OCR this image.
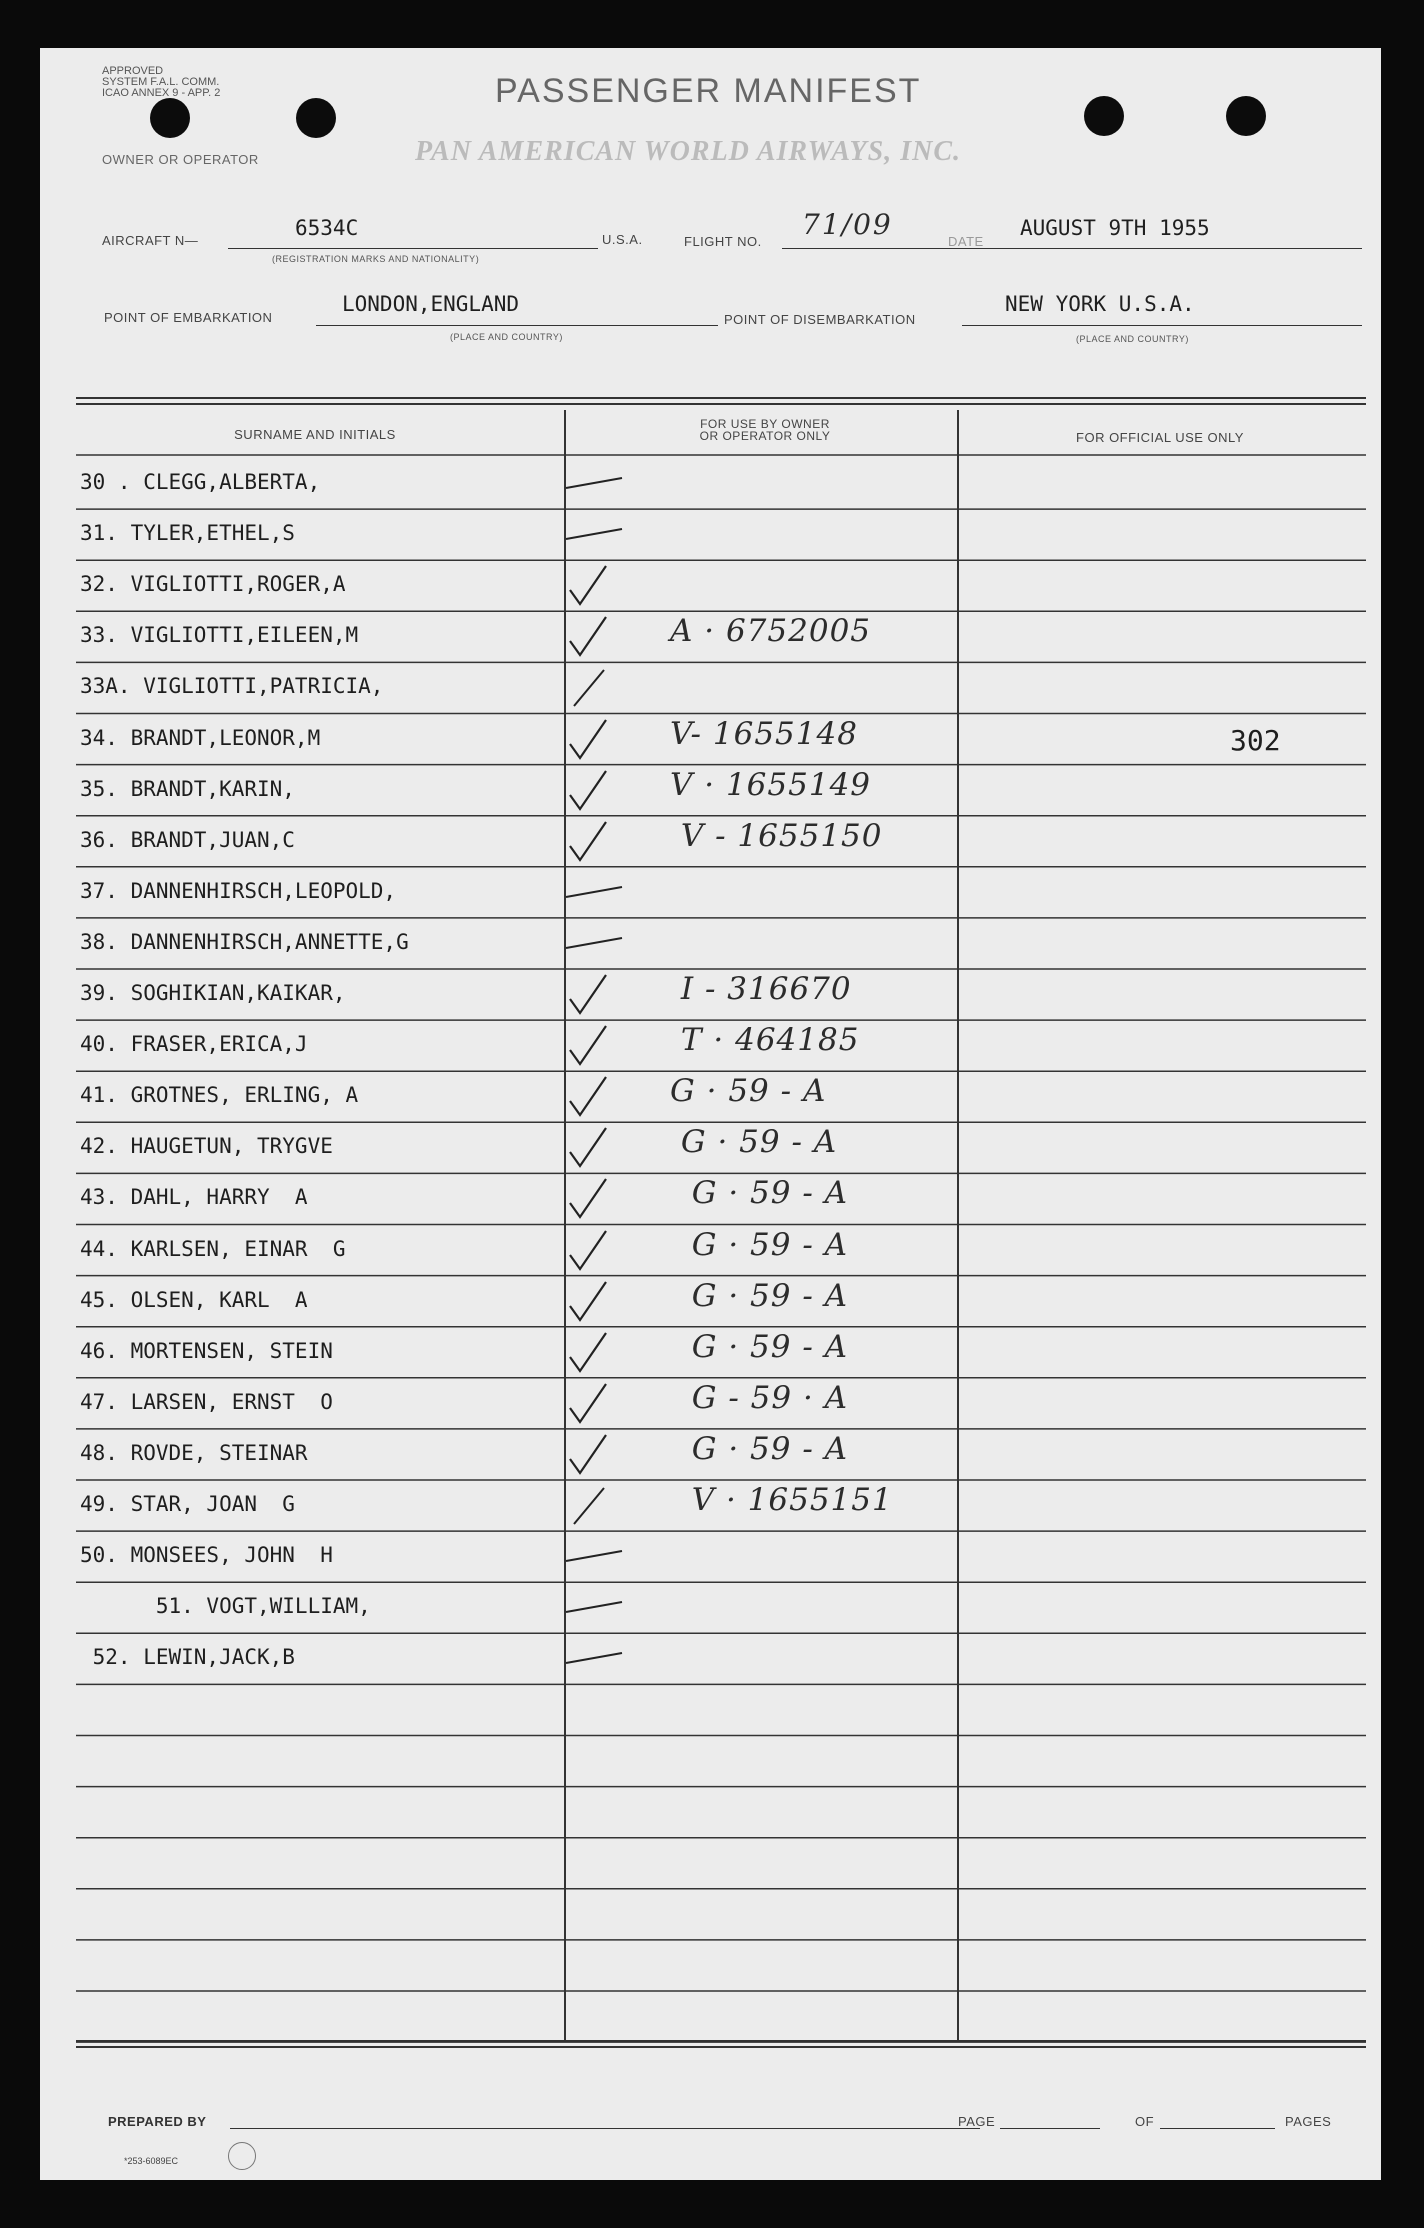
APPROVED
SYSTEM F.A.L. COMM.
ICAO ANNEX 9 - APP. 2	PASSENGER MANIFEST
OWNER OR OPERATOR	PAN AMERICAN WORLD AIRWAYS, INC.
AIRCRAFT N—
6534C
(REGISTRATION MARKS AND NATIONALITY)
U.S.A.	FLIGHT NO.
71/09
DATE
AUGUST 9TH 1955
POINT OF EMBARKATION
LONDON,ENGLAND
(PLACE AND COUNTRY)
POINT OF DISEMBARKATION
NEW YORK U.S.A.
(PLACE AND COUNTRY)
SURNAME AND INITIALS
FOR USE BY OWNER
OR OPERATOR ONLY	FOR OFFICIAL USE ONLY
30 . CLEGG,ALBERTA,
31. TYLER,ETHEL,S
32. VIGLIOTTI,ROGER,A
33. VIGLIOTTI,EILEEN,M	A · 6752005
33A. VIGLIOTTI,PATRICIA,
34. BRANDT,LEONOR,M	V- 1655148	302
35. BRANDT,KARIN,	V · 1655149
36. BRANDT,JUAN,C	V - 1655150
37. DANNENHIRSCH,LEOPOLD,
38. DANNENHIRSCH,ANNETTE,G
39. SOGHIKIAN,KAIKAR,	I - 316670
40. FRASER,ERICA,J	T · 464185
41. GROTNES, ERLING, A	G · 59 - A
42. HAUGETUN, TRYGVE	G · 59 - A
43. DAHL, HARRY  A	G · 59 - A
44. KARLSEN, EINAR  G	G · 59 - A
45. OLSEN, KARL  A	G · 59 - A
46. MORTENSEN, STEIN	G · 59 - A
47. LARSEN, ERNST  O	G - 59 · A
48. ROVDE, STEINAR	G · 59 - A
49. STAR, JOAN  G	V · 1655151
50. MONSEES, JOHN  H
51. VOGT,WILLIAM,
52. LEWIN,JACK,B
PREPARED BY	PAGE	OF	PAGES
*253-6089EC
